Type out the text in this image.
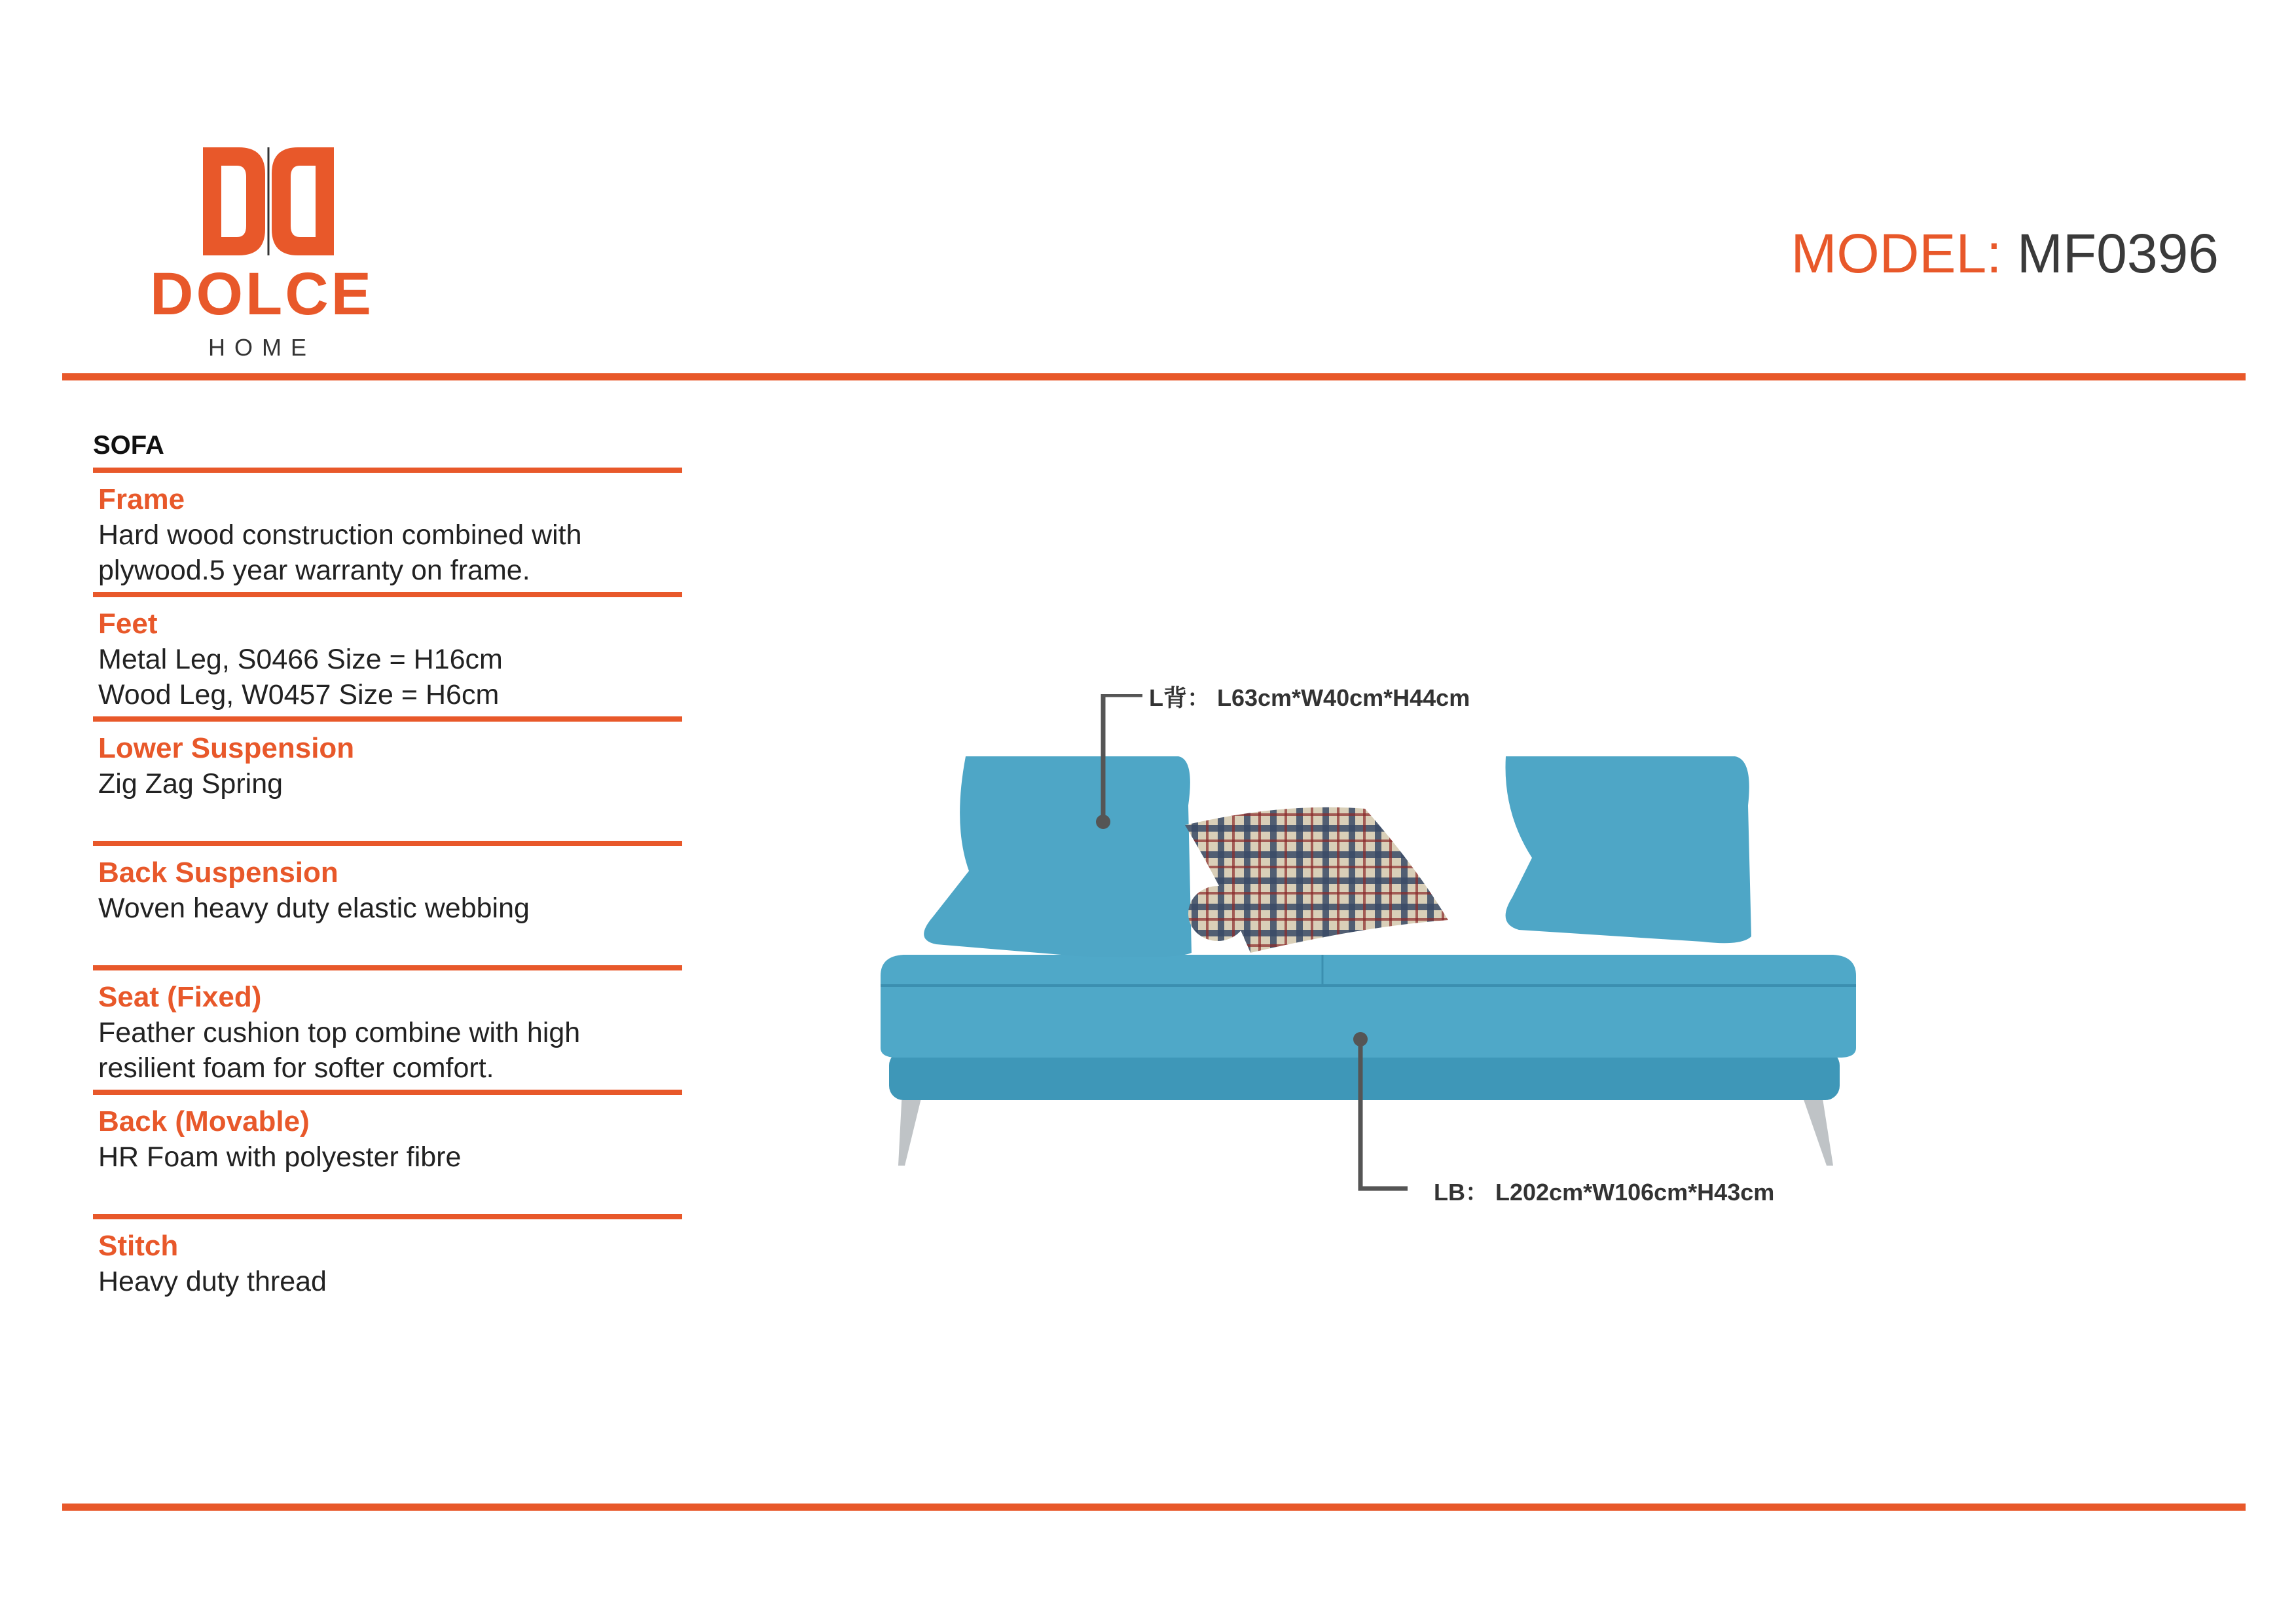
DOLCE
HOME
MODEL: MF0396
SOFA
Frame
Hard wood construction combined with
plywood.5 year warranty on frame.
Feet
Metal Leg, S0466 Size = H16cm
Wood Leg, W0457 Size = H6cm
Lower Suspension
Zig Zag Spring

Back Suspension
Woven heavy duty elastic webbing

Seat (Fixed)
Feather cushion top combine with high
resilient foam for softer comfort.
Back (Movable)
HR Foam with polyester fibre

Stitch
Heavy duty thread
L背： L63cm*W40cm*H44cm
LB： L202cm*W106cm*H43cm
